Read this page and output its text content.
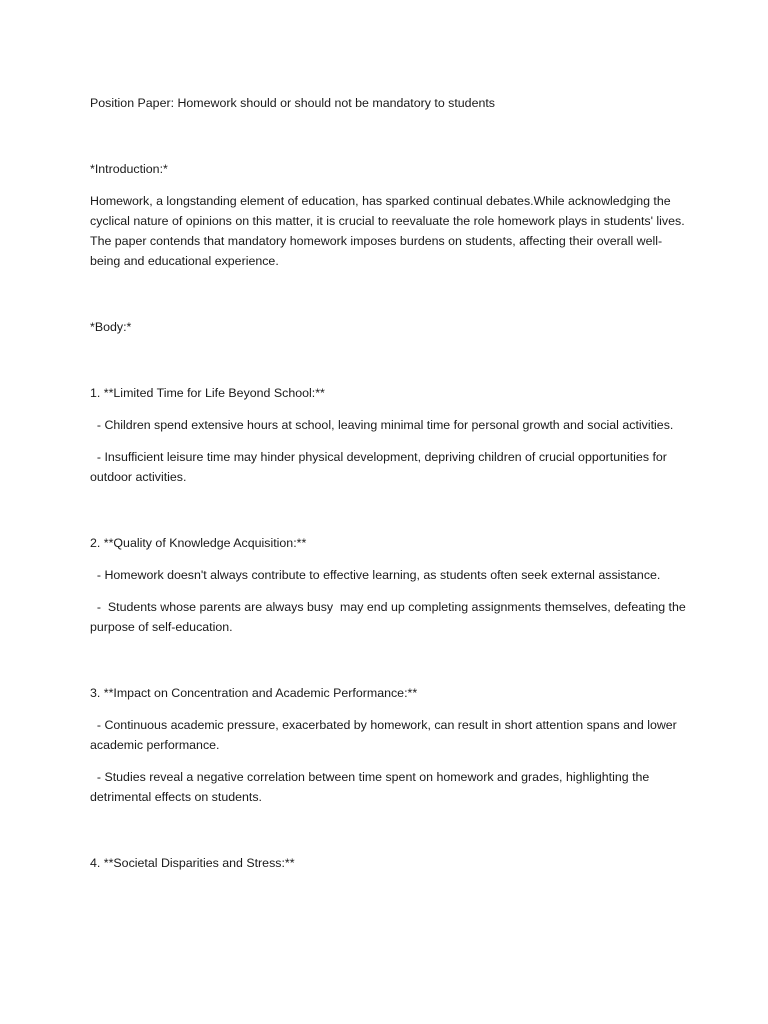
Position Paper: Homework should or should not be mandatory to students

*Introduction:*

Homework, a longstanding element of education, has sparked continual debates.While acknowledging the cyclical nature of opinions on this matter, it is crucial to reevaluate the role homework plays in students' lives. The paper contends that mandatory homework imposes burdens on students, affecting their overall well-being and educational experience.

*Body:*

1. **Limited Time for Life Beyond School:**

- Children spend extensive hours at school, leaving minimal time for personal growth and social activities.

- Insufficient leisure time may hinder physical development, depriving children of crucial opportunities for outdoor activities.

2. **Quality of Knowledge Acquisition:**

- Homework doesn't always contribute to effective learning, as students often seek external assistance.

-  Students whose parents are always busy  may end up completing assignments themselves, defeating the purpose of self-education.

3. **Impact on Concentration and Academic Performance:**

- Continuous academic pressure, exacerbated by homework, can result in short attention spans and lower academic performance.

- Studies reveal a negative correlation between time spent on homework and grades, highlighting the detrimental effects on students.

4. **Societal Disparities and Stress:**
